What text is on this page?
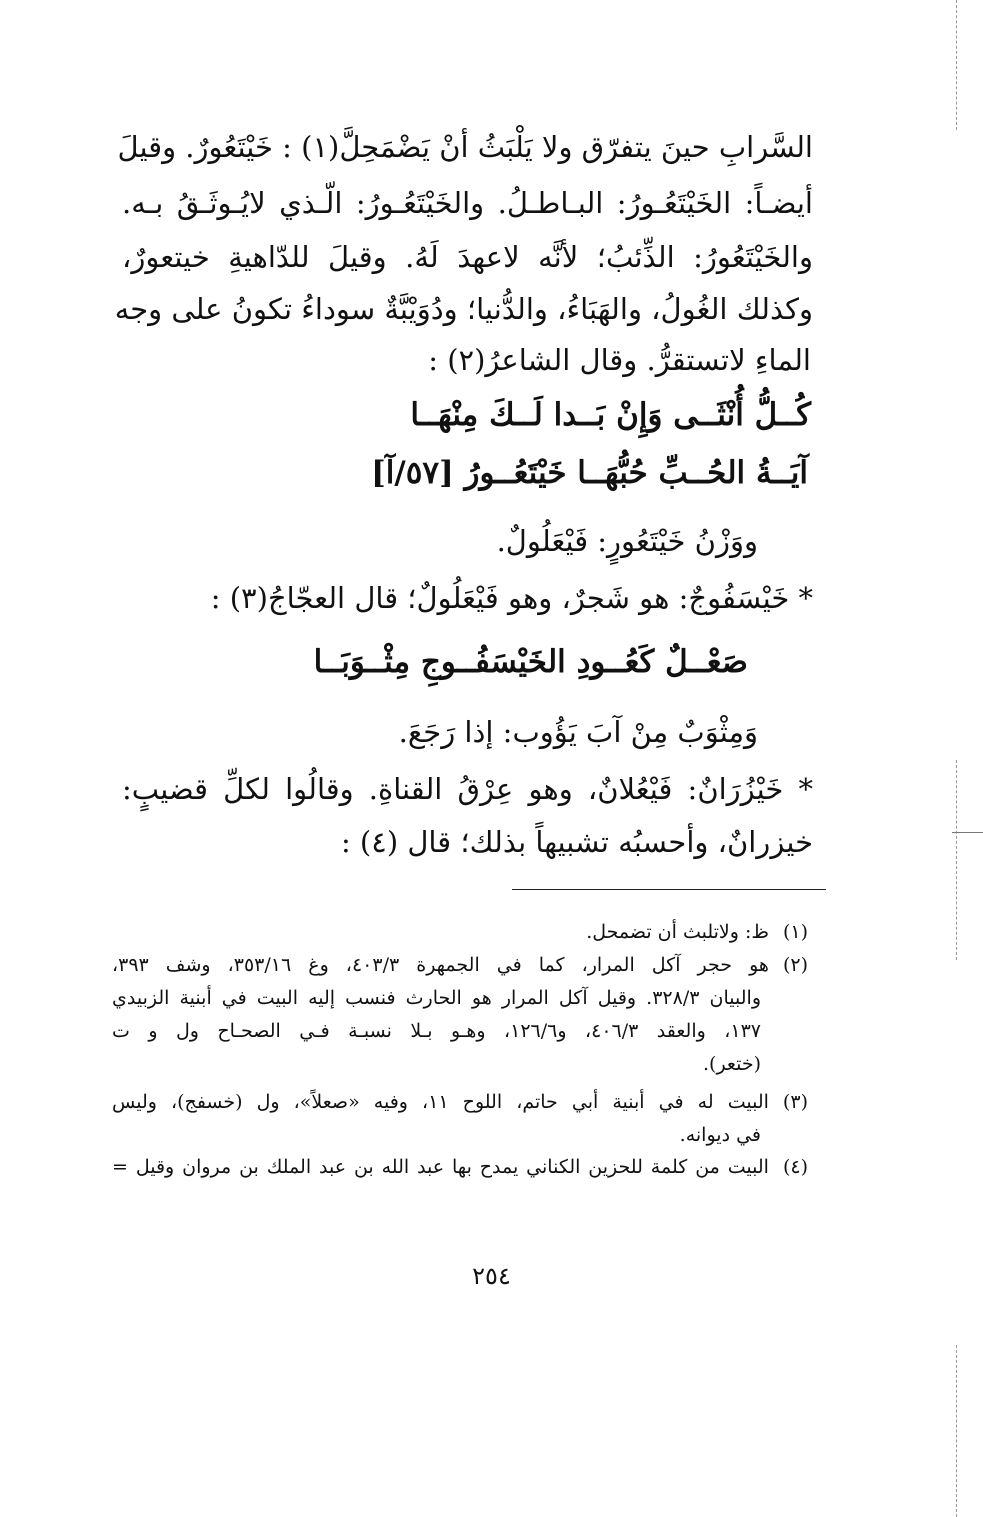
السَّرابِ حينَ يتفرّق ولا يَلْبَثُ أنْ يَضْمَحِلَّ(١) : خَيْتَعُورٌ. وقيلَ

أيضـاً: الخَيْتَعُـورُ: البـاطـلُ. والخَيْتَعُـورُ: الّـذي لايُـوثَـقُ بـه.

والخَيْتَعُورُ: الذِّئبُ؛ لأنَّه لاعهدَ لَهُ. وقيلَ للدّاهيةِ خيتعورٌ،

وكذلك الغُولُ، والهَبَاءُ، والدُّنيا؛ ودُوَيْبَّةٌ سوداءُ تكونُ على وجه

الماءِ لاتستقرُّ. وقال الشاعرُ(٢) :

كُــلُّ أُنْثَــى وَإِنْ بَــدا لَــكَ مِنْهَــا

آيَــةُ الحُــبِّ حُبُّهَــا خَيْتَعُــورُ [٥٧/آ]

ووَزْنُ خَيْتَعُورٍ: فَيْعَلُولٌ.

* خَيْسَفُوجٌ: هو شَجرٌ، وهو فَيْعَلُولٌ؛ قال العجّاجُ(٣) :

صَعْــلٌ كَعُــودِ الخَيْسَفُــوجِ مِثْــوَبَــا

وَمِثْوَبٌ مِنْ آبَ يَؤُوب: إذا رَجَعَ.

* خَيْزُرَانٌ: فَيْعُلانٌ، وهو عِرْقُ القناةِ. وقالُوا لكلِّ قضيبٍ:

خيزرانٌ، وأحسبُه تشبيهاً بذلك؛ قال (٤) :

(١)ظ: ولاتلبث أن تضمحل.

(٢)هو حجر آكل المرار، كما في الجمهرة ٤٠٣/٣، وغ ٣٥٣/١٦، وشف ٣٩٣،

والبيان ٣٢٨/٣. وقيل آكل المرار هو الحارث فنسب إليه البيت في أبنية الزبيدي

١٣٧، والعقد ٤٠٦/٣، و١٢٦/٦، وهـو بـلا نسبـة فـي الصحـاح ول و ت

(ختعر).

(٣)البيت له في أبنية أبي حاتم، اللوح ١١، وفيه «صعلاً»، ول (خسفج)، وليس

في ديوانه.

(٤)البيت من كلمة للحزين الكناني يمدح بها عبد الله بن عبد الملك بن مروان وقيل =

٢٥٤
